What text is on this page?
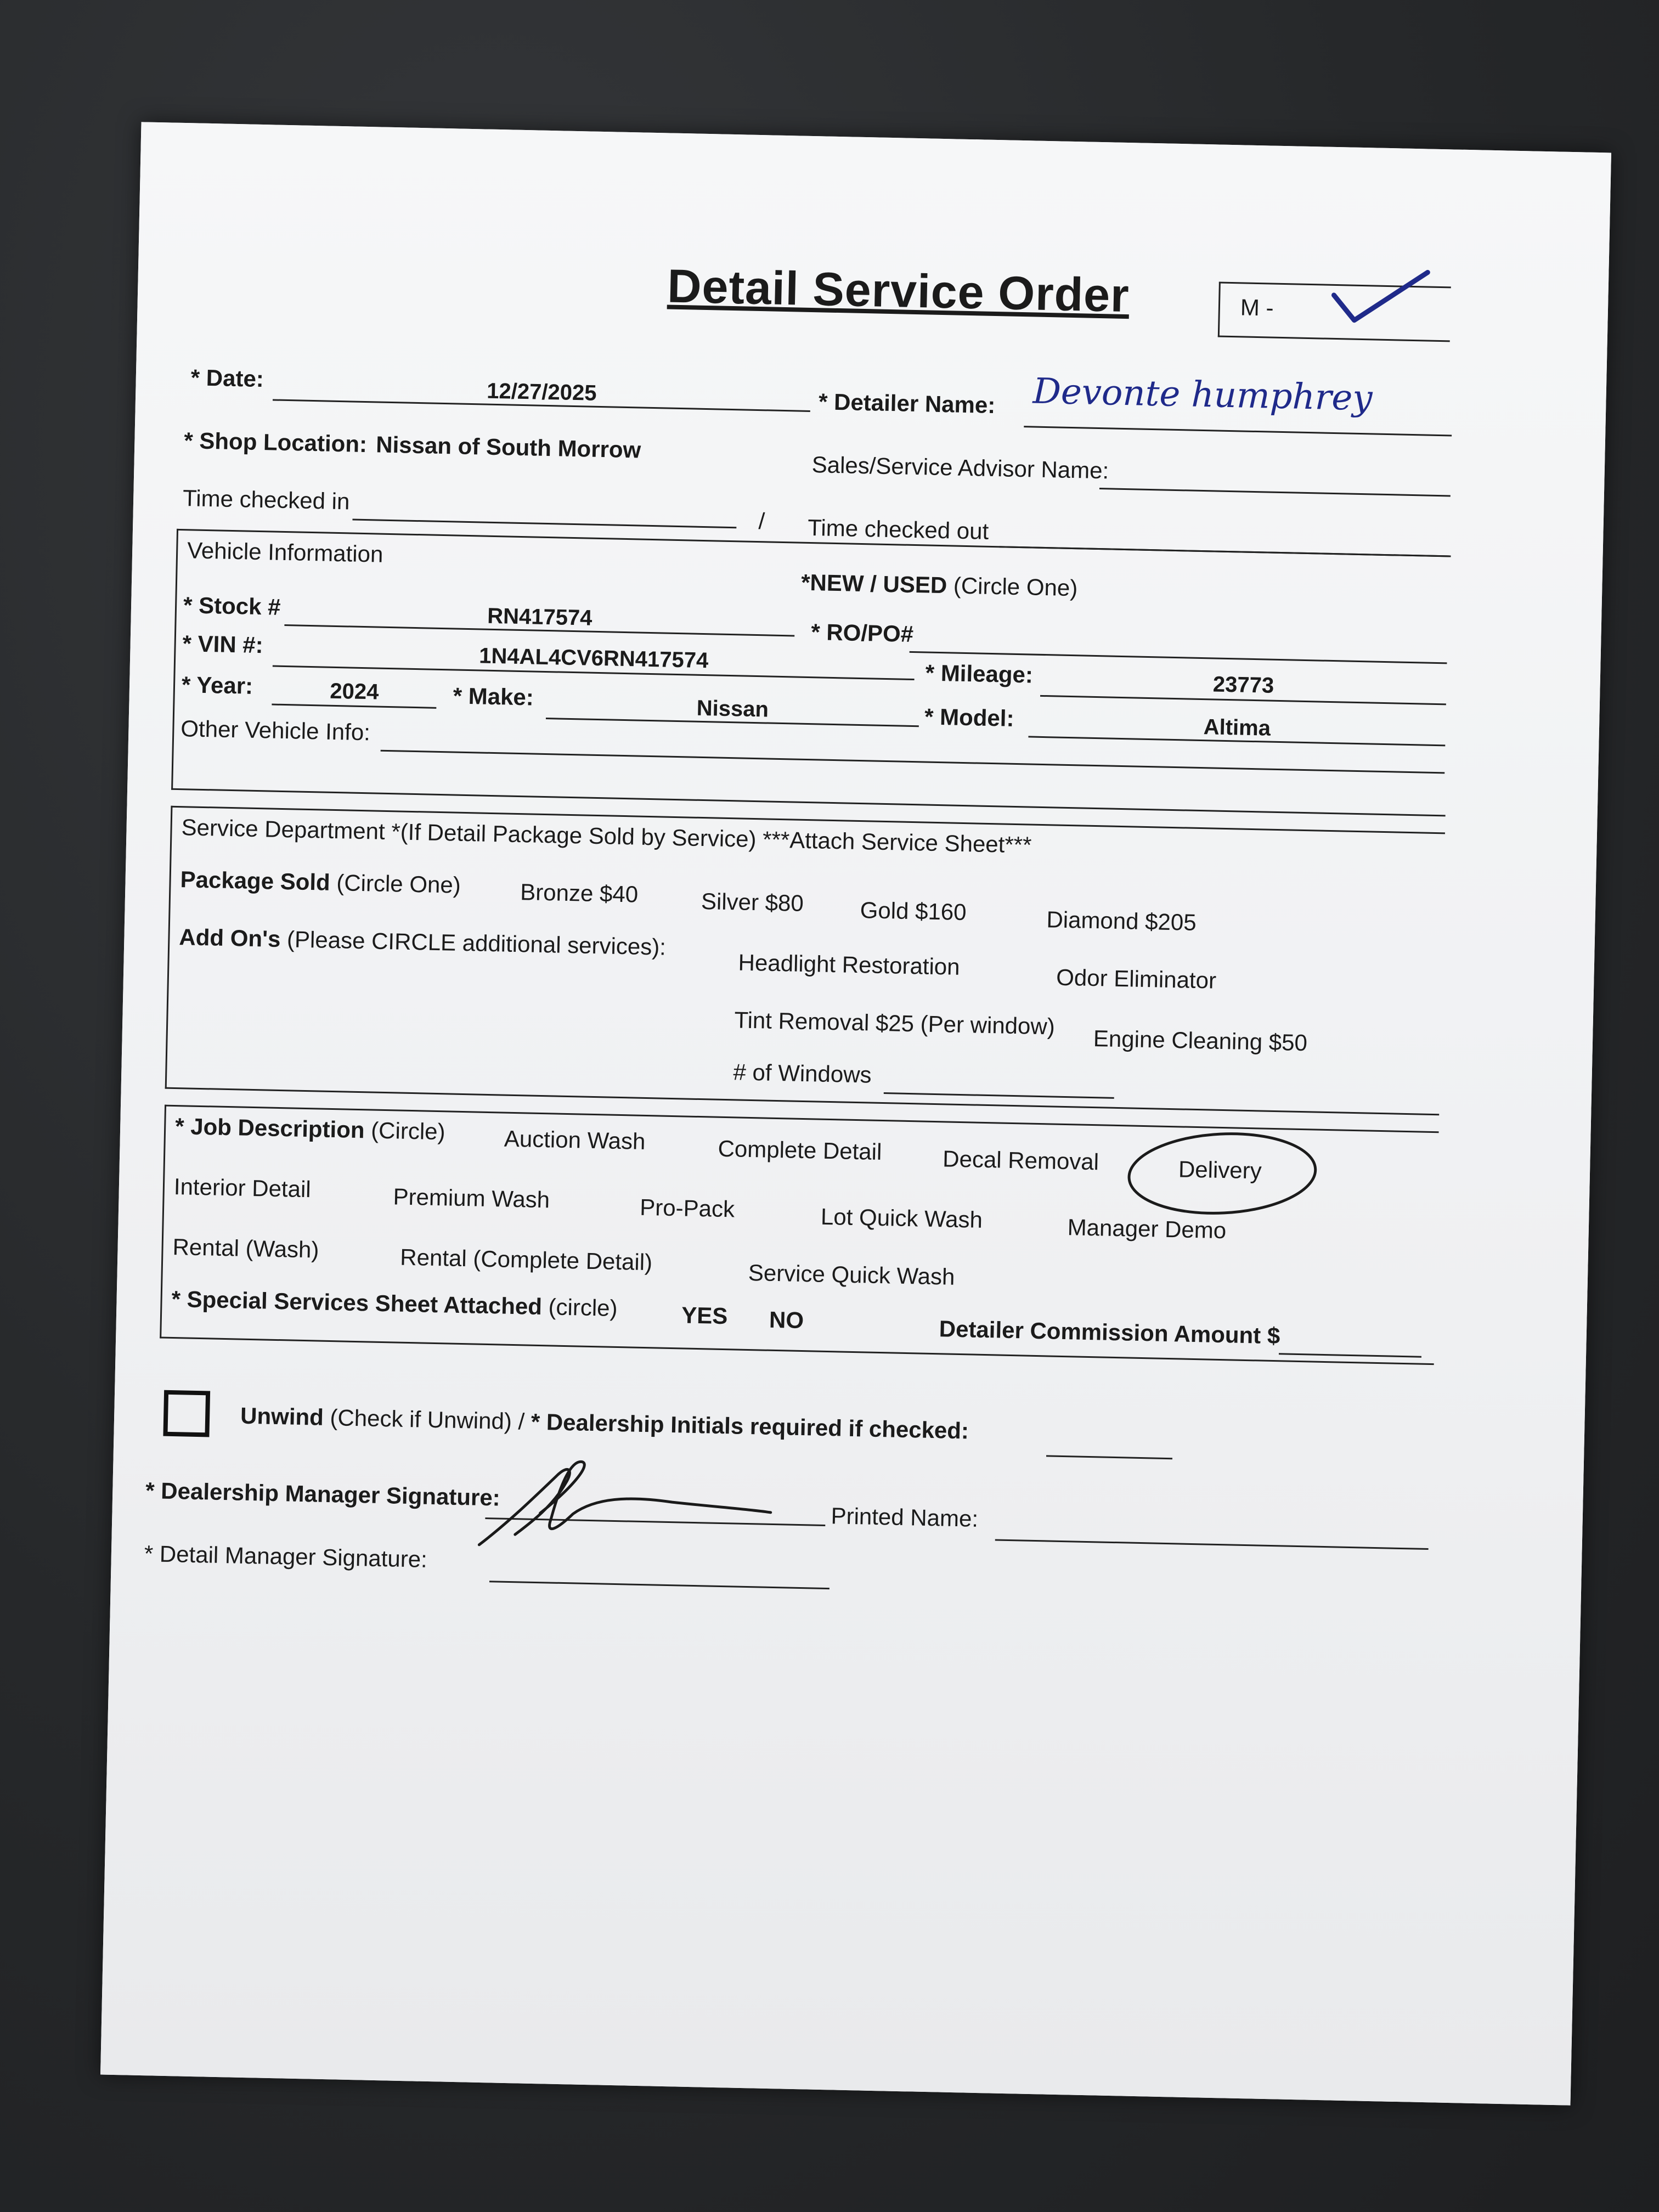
Detail Service Order	M -
* Date:
12/27/2025	* Detailer Name: Devonte humphrey
* Shop Location: Nissan of South Morrow
Sales/Service Advisor Name:
Time checked in
/ Time checked out
Vehicle Information
*NEW / USED (Circle One)
* Stock #	RN417574
* RO/PO#
* VIN #:	1N4AL4CV6RN417574
* Mileage:	23773
* Year:	2024	* Make:	Nissan	* Model:	Altima
Other Vehicle Info:
Service Department *(If Detail Package Sold by Service) ***Attach Service Sheet***
Package Sold (Circle One)	Bronze $40	Silver $80 Gold $160	Diamond $205
Add On's (Please CIRCLE additional services):
Headlight Restoration	Odor Eliminator
Tint Removal $25 (Per window)
Engine Cleaning $50
# of Windows
* Job Description (Circle)	Auction Wash	Complete Detail	Decal Removal	Delivery
Interior Detail	Premium Wash	Pro-Pack	Lot Quick Wash	Manager Demo
Rental (Wash)	Rental (Complete Detail)	Service Quick Wash
* Special Services Sheet Attached (circle)	YES NO	Detailer Commission Amount $
Unwind (Check if Unwind) / * Dealership Initials required if checked:
* Dealership Manager Signature:
Printed Name:
* Detail Manager Signature:
